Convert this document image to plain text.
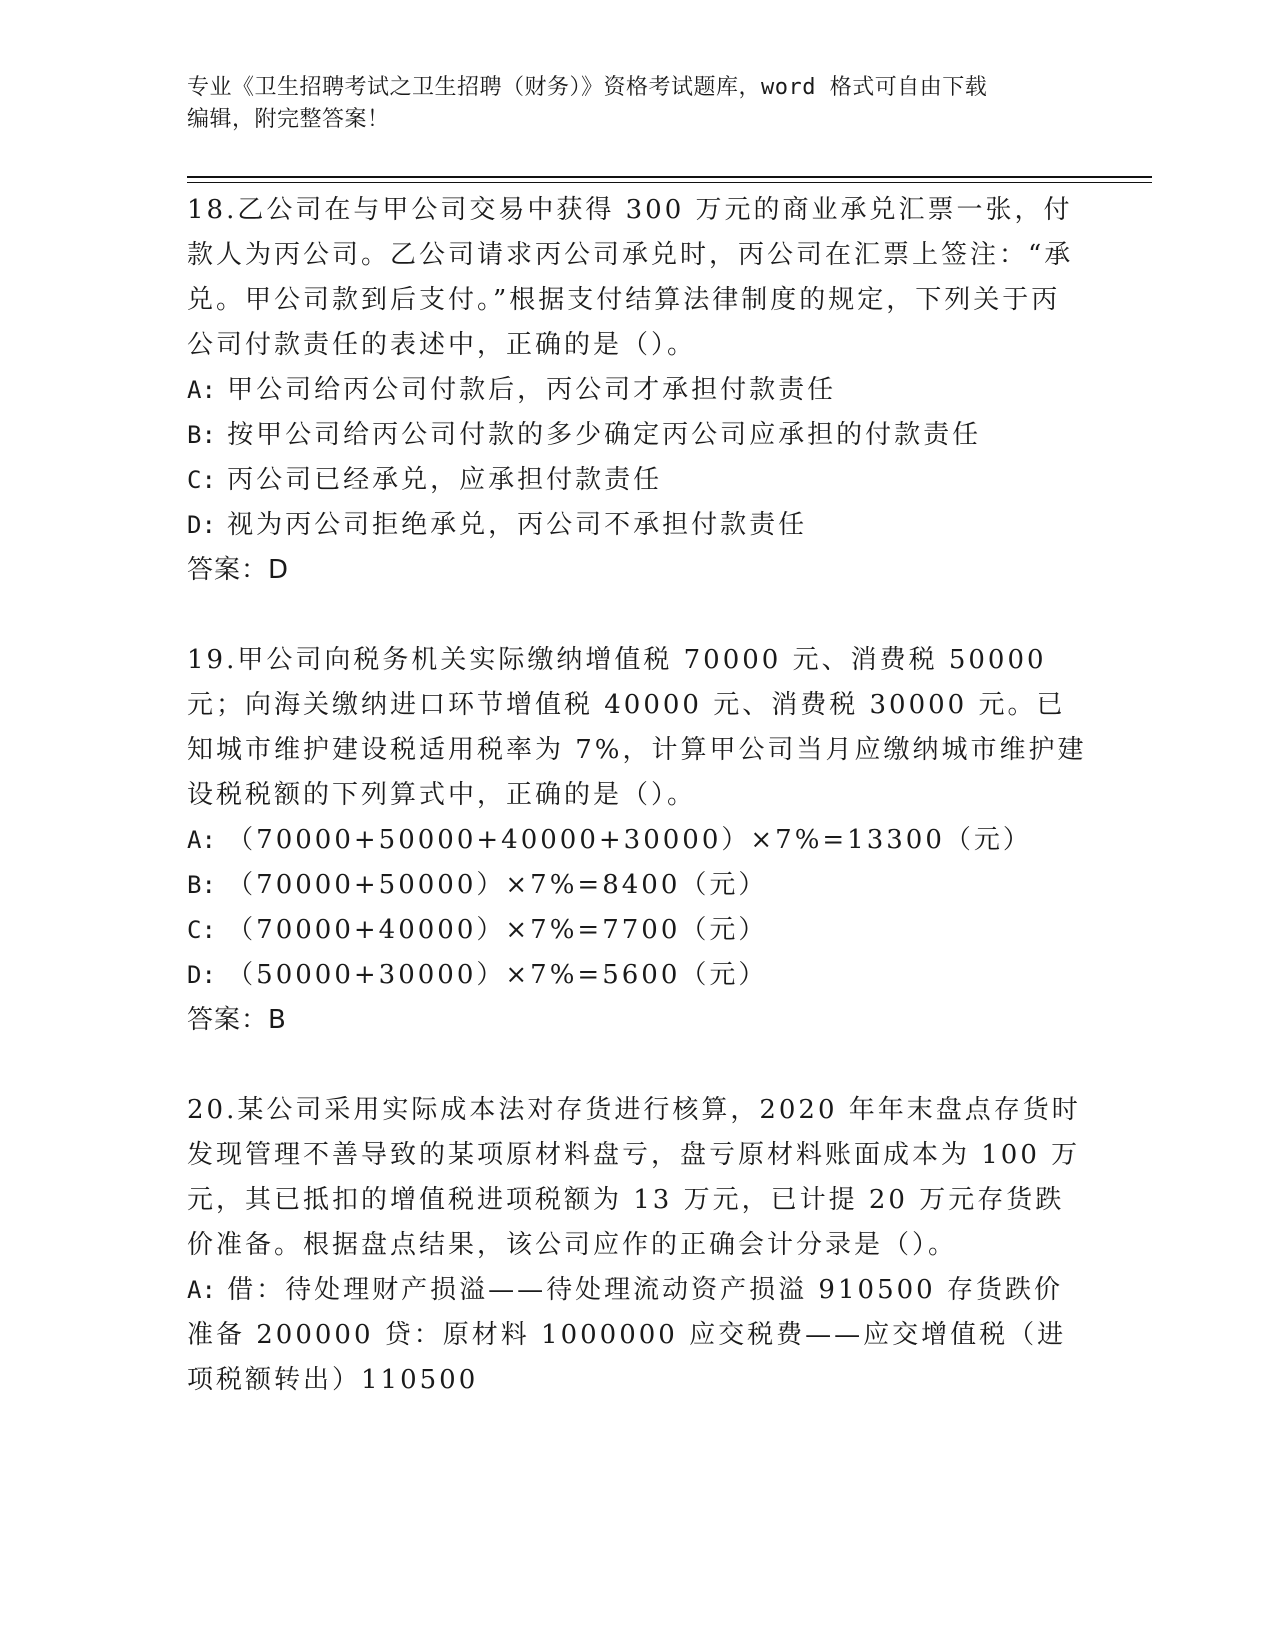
专业《卫生招聘考试之卫生招聘（财务）》资格考试题库，word 格式可自由下载
编辑，附完整答案！

18.乙公司在与甲公司交易中获得 300 万元的商业承兑汇票一张，付款人为丙公司。乙公司请求丙公司承兑时，丙公司在汇票上签注：“承兑。甲公司款到后支付。”根据支付结算法律制度的规定，下列关于丙公司付款责任的表述中，正确的是（）。

A: 甲公司给丙公司付款后，丙公司才承担付款责任

B: 按甲公司给丙公司付款的多少确定丙公司应承担的付款责任

C: 丙公司已经承兑，应承担付款责任

D: 视为丙公司拒绝承兑，丙公司不承担付款责任

答案：D

19.甲公司向税务机关实际缴纳增值税 70000 元、消费税 50000 元；向海关缴纳进口环节增值税 40000 元、消费税 30000 元。已知城市维护建设税适用税率为 7%，计算甲公司当月应缴纳城市维护建设税税额的下列算式中，正确的是（）。

A: （70000+50000+40000+30000）×7%=13300（元）

B: （70000+50000）×7%=8400（元）

C: （70000+40000）×7%=7700（元）

D: （50000+30000）×7%=5600（元）

答案：B

20.某公司采用实际成本法对存货进行核算，2020 年年末盘点存货时发现管理不善导致的某项原材料盘亏，盘亏原材料账面成本为 100 万元，其已抵扣的增值税进项税额为 13 万元，已计提 20 万元存货跌价准备。根据盘点结果，该公司应作的正确会计分录是（）。

A: 借：待处理财产损溢——待处理流动资产损溢 910500 存货跌价准备 200000 贷：原材料 1000000 应交税费——应交增值税（进项税额转出）110500
